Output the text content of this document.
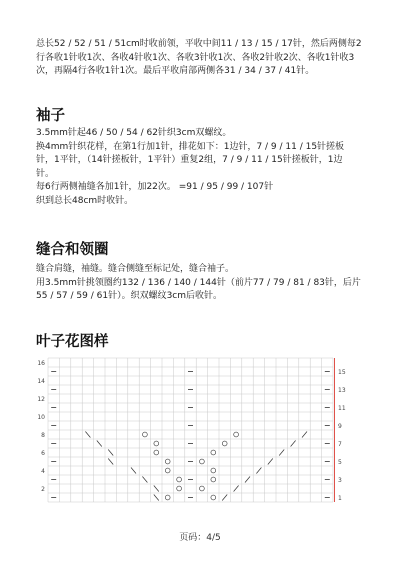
总长52 / 52 / 51 / 51cm时收前领，平收中间11 / 13 / 15 / 17针，然后两侧每2
行各收1针收1次、各收4针收1次、各收3针收1次、各收2针收2次、各收1针收3
次，再隔4行各收1针1次。最后平收肩部两侧各31 / 34 / 37 / 41针。
袖子
3.5mm针起46 / 50 / 54 / 62针织3cm双螺纹。
换4mm针织花样，在第1行加1针，排花如下：1边针，7 / 9 / 11 / 15针搓板
针，1平针，（14针搓板针，1平针）重复2组，7 / 9 / 11 / 15针搓板针，1边
针。
每6行两侧袖缝各加1针，加22次。 =91 / 95 / 99 / 107针
织到总长48cm时收针。
缝合和领圈
缝合肩缝，袖缝。缝合侧缝至标记处，缝合袖子。
用3.5mm针挑领圈约132 / 136 / 140 / 144针（前片77 / 79 / 81 / 83针，后片
55 / 57 / 59 / 61针）。织双螺纹3cm后收针。
叶子花图样
16
14
12
10
8
6
4
2
15
13
11
9
7
5
3
1
页码：4/5
